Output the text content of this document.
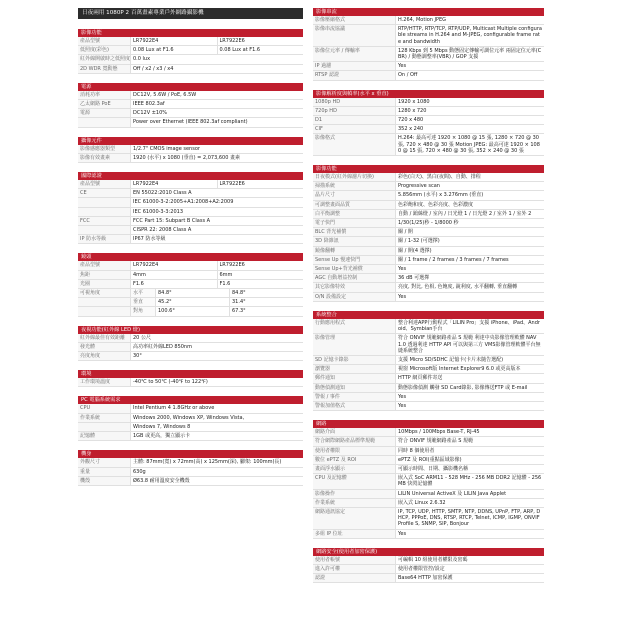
日夜兩用 1080P 2 百萬畫素專業戶外網路攝影機
影像功能
產品型號	LR7922E4	LR7922E6
低照度(彩色)	0.08 Lux at F1.6	0.08 Lux at F1.6
紅外線開啟時之低照度 0.0 lux
2D WDR 寬動態	Off / x2 / x3 / x4
電源
消耗功率	DC12V, 5.6W / PoE, 6.5W
乙太網路 PoE	IEEE 802.3af
電源	DC12V ±10%
Power over Ethernet (IEEE 802.3af compliant)
攝像元件
影像感應器類型	1/2.7" CMOS image sensor
影像有效畫素	1920 (水平) x 1080 (垂直) = 2,073,600 畫素
國際認證
產品型號	LR7922E4	LR7922E6
CE	EN 55022:2010 Class A
IEC 61000-3-2:2005+A1:2008+A2:2009
IEC 61000-3-3:2013
FCC	FCC Part 15: Subpart B Class A
CISPR 22: 2008 Class A
IP 防水等級	IP67 防水等級
鏡頭
產品型號	LR7922E4	LR7922E6
焦距	4mm	6mm
光圈	F1.6	F1.6
可視角度	水平	84.8°	84.8°
垂直	45.2°	31.4°
對角	100.6°	67.3°
夜視功能(紅外線 LED 燈)
紅外線最佳有效距離	20 公尺
發光體	高功率紅外線LED 850nm
亮度角度	30°
環境
工作環境溫度	-40℃ to 50℃ (-40℉ to 122℉)
PC 電腦系統需求
CPU	Intel Pentium 4 1.8GHz or above
作業系統	Windows 2000, Windows XP, Windows Vista,
Windows 7, Windows 8
記憶體	1GB 或更高，獨立顯示卡
機身
外觀尺寸	主體: 87mm(寬) x 72mm(高) x 125mm(深), 腳架: 100mm(長)
重量	630g
機殼	Ø63.8 耐用溫度安全機殼
影像串流
影像壓縮格式	H.264, Motion JPEG
影像串流協議	RTP/HTTP, RTP/TCP, RTP/UDP, Multicast Multiple configurable streams in H.264 and M-JPEG, configurable frame rate and bandwidth
影像位元率 / 傳輸率	128 Kbps 到 5 Mbps 動態固定傳輸可調位元率 兩固定位元率(CBR) / 動態調整率(VBR) / GOP 支援
IP 過濾	Yes
RTSP 認證	On / Off
影像解析度與幀率(水平 x 垂直)
1080p HD	1920 x 1080
720p HD	1280 x 720
D1	720 x 480
CIF	352 x 240
影像格式	H.264: 最高可達 1920 × 1080 @ 15 張, 1280 × 720 @ 30 張, 720 × 480 @ 30 張 Motion JPEG: 最高可達 1920 × 1080 @ 15 張, 720 × 480 @ 30 張, 352 × 240 @ 30 張
影像功能
日夜模式(紅外線濾片切換)	彩色(白天)、黑白(夜間)、自動、排程
掃描系統	Progressive scan
晶片尺寸	5.856mm (水平) x 3.276mm (垂直)
可調整畫面品質	色彩飽和度、色彩亮度、色彩濃度
白平衡調整	自動 / 鎢絲燈 / 室內 / 日光燈 1 / 日光燈 2 / 室外 1 / 室外 2
電子快門	1/30(1/25)秒 - 1/8000 秒
BLC 背光補償	關 / 開
3D 降雜訊	關 / 1-32 (可選擇)
鏡像翻轉	關 / 開(4 選擇)
Sense Up 慢速快門	關 / 1 frame / 2 frames / 3 frames / 7 frames
Sense Up+背光補償	Yes
AGC 自動增益控制	36 dB 可選擇
其它影像特效	亮度, 對比, 色相, 色飽度, 銳利度, 水平翻轉, 垂直翻轉
O/N 設備設定	Yes
系統整合
行動應用程式	整合利達APP行動程式「LILIN Pro」支援 iPhone、iPad、Android、Symbian手台
影像管理	符合 ONVIF 規範網路產品 S 規範 利達中央影像管理軟體 NAV 1.0 透過利達 HTTP API 可以與第三方 VMS影像管理軟體平台無縫系統整合
SD 記憶卡錄影	支援 Micro SD/SDHC 記憶卡(卡片未隨告選配)
瀏覽器	視窗 Microsoft版 Internet Explorer9 6.0 或更高版本
郵件通知	HTTP 網頁郵件寄送
動態偵測通知	動態影像偵測 觸發 SD Card錄影, 影像傳送FTP 或 E-mail
警報 / 事件	Yes
警報加值格式	Yes
網路
網路介面	10Mbps / 100Mbps Base-T, RJ-45
符合網際網路產品標準規範	符合 ONVIF 規範網路產品 S 規範
使用者權限	同時 8 個使用者
數位 ePTZ 及 ROI	ePTZ 及 ROI(重點區域影像)
畫面浮水顯示	可顯示時間、日期、攝影機名稱
CPU 及記憶體	嵌入式 SoC ARM11 - 528 MHz - 256 MB DDR2 記憶體 - 256 MB 快閃記憶體
影像操作	LILIN Universal ActiveX 及 LILIN Java Applet
作業系統	嵌入式 Linux 2.6.32
網路通訊協定	IP, TCP, UDP, HTTP, SMTP, NTP, DDNS, UPnP, FTP, ARP, DHCP, PPPoE, DNS, RTSP, RTCP, Telnet, ICMP, IGMP, ONVIF Profile S, SNMP, SIP, Bonjour
多組 IP 位址	Yes
網路安全(使用者加密保護)
使用者帳號	可編輯 10 組使用者權限及密碼
進入許可權	使用者權限管控/設定
認證	Base64 HTTP 加密保護
